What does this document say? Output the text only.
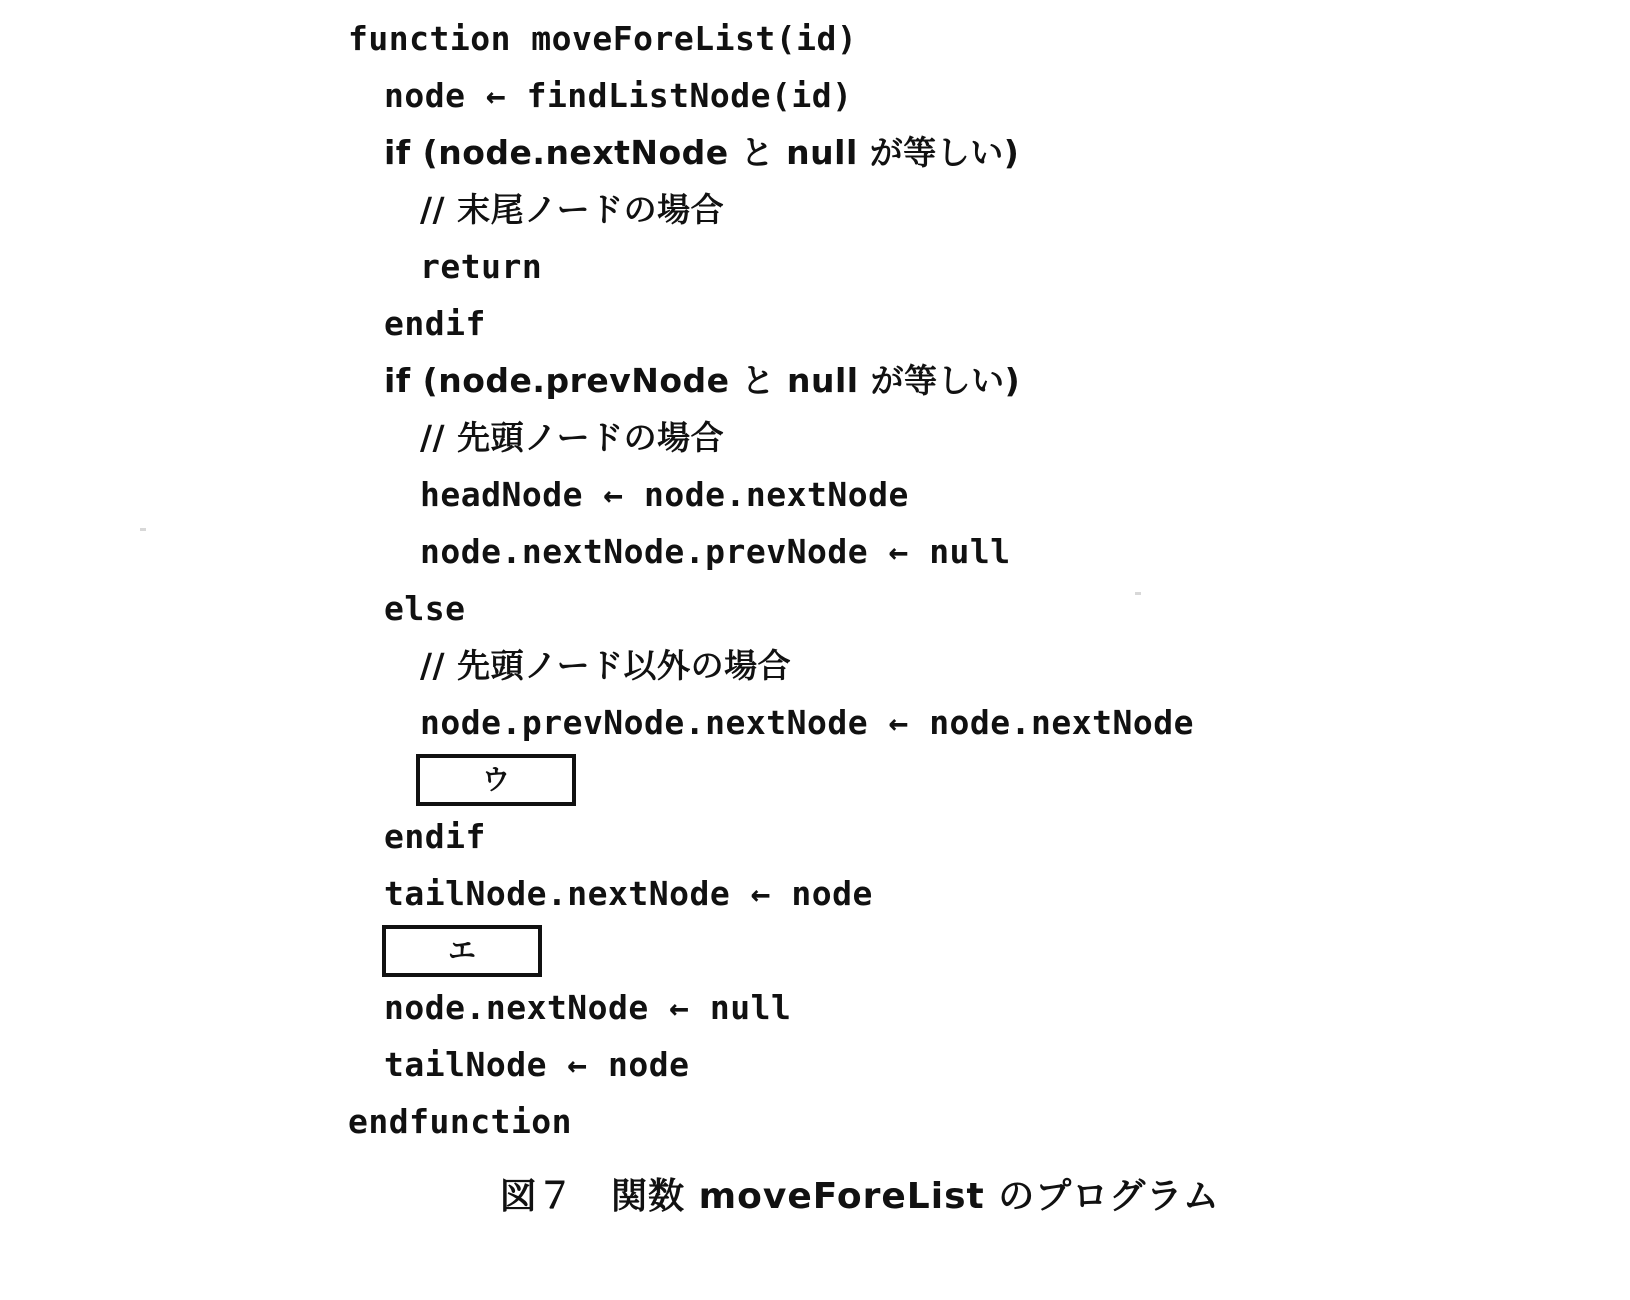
function moveForeList(id)
node ← findListNode(id)
if (node.nextNode と null が等しい)
// 末尾ノードの場合
return
endif
if (node.prevNode と null が等しい)
// 先頭ノードの場合
headNode ← node.nextNode
node.nextNode.prevNode ← null
else
// 先頭ノード以外の場合
node.prevNode.nextNode ← node.nextNode
ウ
endif
tailNode.nextNode ← node
エ
node.nextNode ← null
tailNode ← node
endfunction
図７　関数 moveForeList のプログラム
